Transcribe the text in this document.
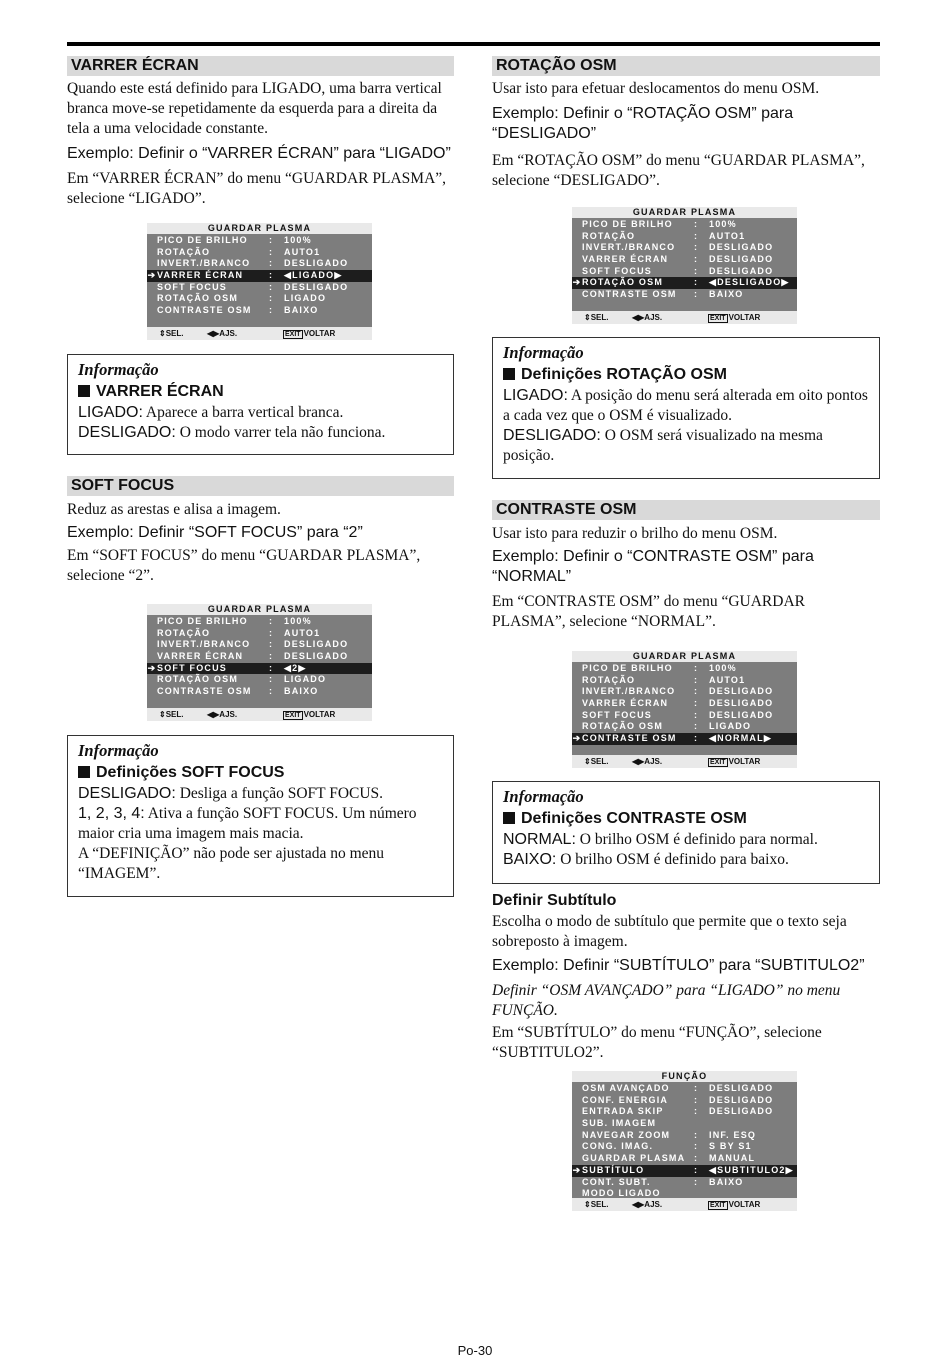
VARRER ÉCRAN

Quando este está definido para LIGADO, uma barra vertical branca move-se repetidamente da esquerda para a direita da tela a uma velocidade constante.

Exemplo: Definir o “VARRER ÉCRAN” para “LIGADO”

Em “VARRER ÉCRAN” do menu “GUARDAR PLASMA”, selecione “LIGADO”.

GUARDAR PLASMA
PICO DE BRILHO : 100%
ROTAÇÃO	: AUTO1
INVERT./BRANCO : DESLIGADO
➔ VARRER ÉCRAN	: ◀LIGADO▶
SOFT FOCUS	: DESLIGADO
ROTAÇÃO OSM	: LIGADO
CONTRASTE OSM : BAIXO
⇕SEL.	◀▶AJS.	EXIT VOLTAR

Informação

VARRER ÉCRAN

LIGADO: Aparece a barra vertical branca.

DESLIGADO: O modo varrer tela não funciona.

SOFT FOCUS

Reduz as arestas e alisa a imagem.

Exemplo: Definir “SOFT FOCUS” para “2”

Em “SOFT FOCUS” do menu “GUARDAR PLASMA”, selecione “2”.

GUARDAR PLASMA
PICO DE BRILHO : 100%
ROTAÇÃO	: AUTO1
INVERT./BRANCO : DESLIGADO
VARRER ÉCRAN	: DESLIGADO
➔ SOFT FOCUS	: ◀2▶
ROTAÇÃO OSM	: LIGADO
CONTRASTE OSM : BAIXO
⇕SEL.	◀▶AJS.	EXIT VOLTAR

Informação

Definições SOFT FOCUS

DESLIGADO: Desliga a função SOFT FOCUS.

1, 2, 3, 4: Ativa a função SOFT FOCUS. Um número maior cria uma imagem mais macia.

A “DEFINIÇÃO” não pode ser ajustada no menu “IMAGEM”.

ROTAÇÃO OSM

Usar isto para efetuar deslocamentos do menu OSM.

Exemplo: Definir o “ROTAÇÃO OSM” para “DESLIGADO”

Em “ROTAÇÃO OSM” do menu “GUARDAR PLASMA”, selecione “DESLIGADO”.

GUARDAR PLASMA
PICO DE BRILHO : 100%
ROTAÇÃO	: AUTO1
INVERT./BRANCO : DESLIGADO
VARRER ÉCRAN	: DESLIGADO
SOFT FOCUS	: DESLIGADO
➔ ROTAÇÃO OSM	: ◀DESLIGADO▶
CONTRASTE OSM : BAIXO
⇕SEL.	◀▶AJS.	EXIT VOLTAR

Informação

Definições ROTAÇÃO OSM

LIGADO: A posição do menu será alterada em oito pontos a cada vez que o OSM é visualizado.

DESLIGADO: O OSM será visualizado na mesma posição.

CONTRASTE OSM

Usar isto para reduzir o brilho do menu OSM.

Exemplo: Definir o “CONTRASTE OSM” para “NORMAL”

Em “CONTRASTE OSM” do menu “GUARDAR PLASMA”, selecione “NORMAL”.

GUARDAR PLASMA
PICO DE BRILHO : 100%
ROTAÇÃO	: AUTO1
INVERT./BRANCO : DESLIGADO
VARRER ÉCRAN	: DESLIGADO
SOFT FOCUS	: DESLIGADO
ROTAÇÃO OSM	: LIGADO
➔ CONTRASTE OSM : ◀NORMAL▶
⇕SEL.	◀▶AJS.	EXIT VOLTAR

Informação

Definições CONTRASTE OSM

NORMAL: O brilho OSM é definido para normal.

BAIXO: O brilho OSM é definido para baixo.

Definir Subtítulo

Escolha o modo de subtítulo que permite que o texto seja sobreposto à imagem.

Exemplo: Definir “SUBTÍTULO” para “SUBTITULO2”

Definir “OSM AVANÇADO” para “LIGADO” no menu FUNÇÃO.

Em “SUBTÍTULO” do menu “FUNÇÃO”, selecione “SUBTITULO2”.

FUNÇÃO
OSM AVANÇADO	: DESLIGADO
CONF. ENERGIA	: DESLIGADO
ENTRADA SKIP	: DESLIGADO
SUB. IMAGEM
NAVEGAR ZOOM	: INF. ESQ
CONG. IMAG.	: S BY S1
GUARDAR PLASMA : MANUAL
➔ SUBTÍTULO	: ◀SUBTITULO2▶
CONT. SUBT.	: BAIXO
MODO LIGADO
⇕SEL.	◀▶AJS.	EXIT VOLTAR
Po-30
